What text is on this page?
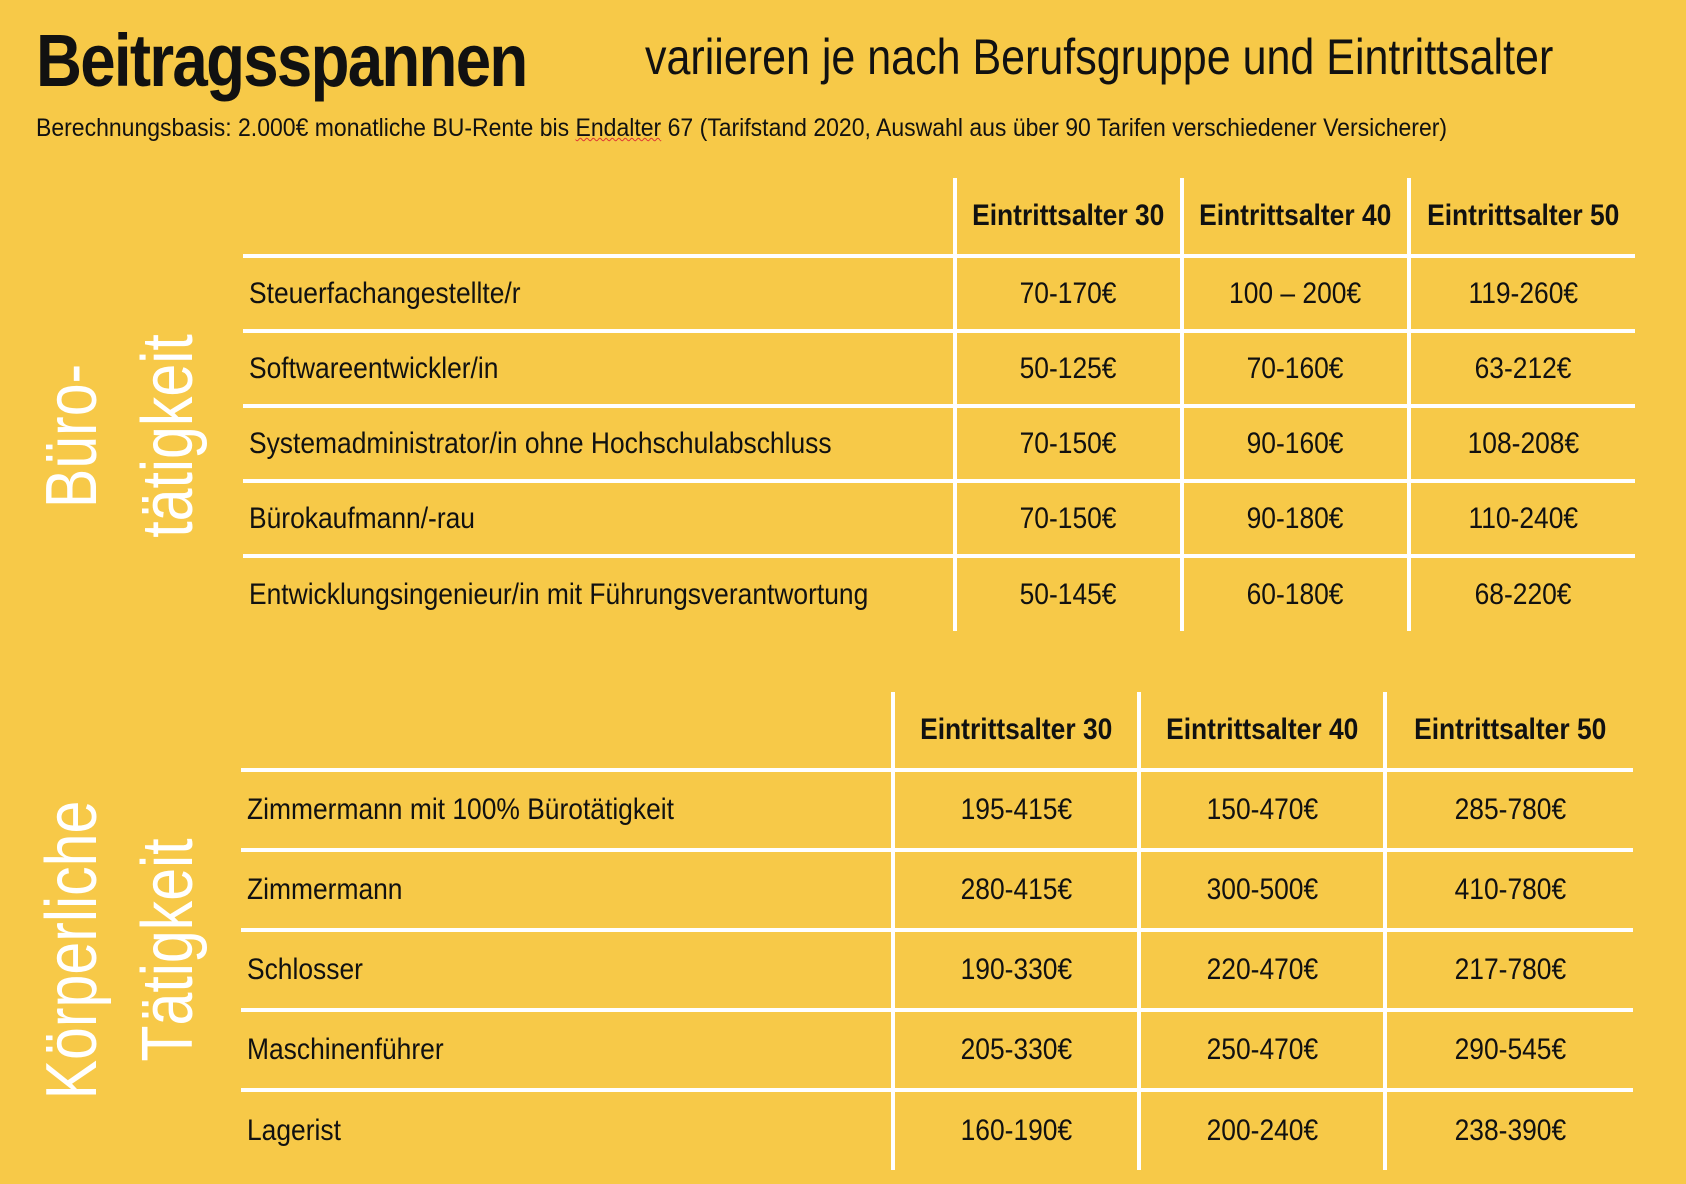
Beitragsspannen	variieren je nach Berufsgruppe und Eintrittsalter
Berechnungsbasis: 2.000€ monatliche BU-Rente bis Endalter 67 (Tarifstand 2020, Auswahl aus über 90 Tarifen verschiedener Versicherer)
Büro- tätigkeit
	Eintrittsalter 30	Eintrittsalter 40	Eintrittsalter 50
Steuerfachangestellte/r	70-170€	100 – 200€	119-260€
Softwareentwickler/in	50-125€	70-160€	63-212€
Systemadministrator/in ohne Hochschulabschluss	70-150€	90-160€	108-208€
Bürokaufmann/-rau	70-150€	90-180€	110-240€
Entwicklungsingenieur/in mit Führungsverantwortung	50-145€	60-180€	68-220€
Körperliche Tätigkeit
	Eintrittsalter 30	Eintrittsalter 40	Eintrittsalter 50
Zimmermann mit 100% Bürotätigkeit	195-415€	150-470€	285-780€
Zimmermann	280-415€	300-500€	410-780€
Schlosser	190-330€	220-470€	217-780€
Maschinenführer	205-330€	250-470€	290-545€
Lagerist	160-190€	200-240€	238-390€
